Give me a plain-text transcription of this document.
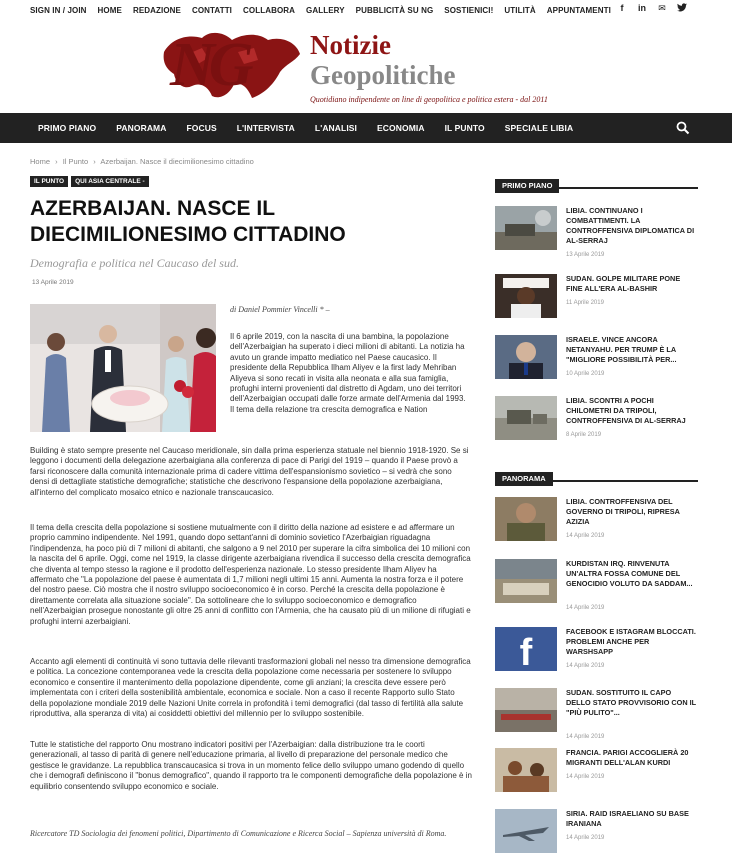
SIGN IN / JOIN HOME REDAZIONE CONTATTI COLLABORA GALLERY PUBBLICITÀ SU NG SOSTIENICI! UTILITÀ APPUNTAMENTI	f	in	✉
NG Notizie
Geopolitiche
Quotidiano indipendente on line di geopolitica e politica estera - dal 2011
PRIMO PIANO PANORAMA FOCUS L'INTERVISTA L'ANALISI ECONOMIA IL PUNTO SPECIALE LIBIA
Home › Il Punto › Azerbaijan. Nasce il diecimilionesimo cittadino
IL PUNTO	QUI ASIA CENTRALE -
AZERBAIJAN. NASCE IL DIECIMILIONESIMO CITTADINO
Demografia e politica nel Caucaso del sud.
13 Aprile 2019
di Daniel Pommier Vincelli * –
Il 6 aprile 2019, con la nascita di una bambina, la popolazione dell'Azerbaigian ha superato i dieci milioni di abitanti. La notizia ha avuto un grande impatto mediatico nel Paese caucasico. Il presidente della Repubblica Ilham Aliyev e la first lady Mehriban Aliyeva si sono recati in visita alla neonata e alla sua famiglia, profughi interni provenienti dal distretto di Agdam, uno dei territori dell'Azerbaigian occupati dalle forze armate dell'Armenia dal 1993.
Il tema della relazione tra crescita demografica e Nation
Building è stato sempre presente nel Caucaso meridionale, sin dalla prima esperienza statuale nel biennio 1918-1920. Se si leggono i documenti della delegazione azerbaigiana alla conferenza di pace di Parigi del 1919 – quando il Paese provò a farsi riconoscere dalla comunità internazionale prima di cadere vittima dell'espansionismo sovietico – si vedrà che sono densi di dettagliate statistiche demografiche; statistiche che descrivono l'espansione della popolazione azerbaigiana, all'interno del complicato mosaico etnico e nazionale transcaucasico.
Il tema della crescita della popolazione si sostiene mutualmente con il diritto della nazione ad esistere e ad affermare un proprio cammino indipendente. Nel 1991, quando dopo settant'anni di dominio sovietico l'Azerbaigian riguadagna l'indipendenza, ha poco più di 7 milioni di abitanti, che salgono a 9 nel 2010 per superare la cifra simbolica dei 10 milioni con la nascita del 6 aprile. Oggi, come nel 1919, la classe dirigente azerbaigiana rivendica il successo della crescita demografica che diventa al tempo stesso la ragione e il prodotto dell'esperienza nazionale. Lo stesso presidente Ilham Aliyev ha affermato che "La popolazione del paese è aumentata di 1,7 milioni negli ultimi 15 anni. Aumenta la nostra forza e il potere del nostro paese. Ciò mostra che il nostro sviluppo socioeconomico è in corso. Perché la crescita della popolazione è direttamente correlata alla situazione sociale". Da sottolineare che lo sviluppo socioeconomico e demografico nell'Azerbaigian prosegue nonostante gli oltre 25 anni di conflitto con l'Armenia, che ha causato più di un milione di rifugiati e profughi interni azerbaigiani.
Accanto agli elementi di continuità vi sono tuttavia delle rilevanti trasformazioni globali nel nesso tra dimensione demografica e politica. La concezione contemporanea vede la crescita della popolazione come necessaria per sostenere lo sviluppo economico e consentire il mantenimento della popolazione dipendente, come gli anziani; la crescita deve essere però implementata con i criteri della sostenibilità ambientale, economica e sociale. Non a caso il recente Rapporto sullo Stato della popolazione mondiale 2019 delle Nazioni Unite correla in profondità i temi demografici (dal tasso di fertilità alla salute riproduttiva, alla speranza di vita) ai cosiddetti obiettivi del millennio per lo sviluppo sostenibile.
Tutte le statistiche del rapporto Onu mostrano indicatori positivi per l'Azerbaigian: dalla distribuzione tra le coorti generazionali, al tasso di parità di genere nell'educazione primaria, al livello di preparazione del personale medico che gestisce le gravidanze. La repubblica transcaucasica si trova in un momento felice dello sviluppo umano godendo di quello che i demografi definiscono il "bonus demografico", quando il rapporto tra le componenti demografiche della popolazione è in equilibrio consentendo sviluppo economico e sociale.
Ricercatore TD Sociologia dei fenomeni politici, Dipartimento di Comunicazione e Ricerca Social – Sapienza università di Roma.
PRIMO PIANO
LIBIA. CONTINUANO I COMBATTIMENTI. LA CONTROFFENSIVA DIPLOMATICA DI AL-SERRAJ
13 Aprile 2019
SUDAN. GOLPE MILITARE PONE FINE ALL'ERA AL-BASHIR
11 Aprile 2019
ISRAELE. VINCE ANCORA NETANYAHU. PER TRUMP È LA "MIGLIORE POSSIBILITÀ PER...
10 Aprile 2019
LIBIA. SCONTRI A POCHI CHILOMETRI DA TRIPOLI, CONTROFFENSIVA DI AL-SERRAJ
8 Aprile 2019
PANORAMA
LIBIA. CONTROFFENSIVA DEL GOVERNO DI TRIPOLI, RIPRESA AZIZIA
14 Aprile 2019
KURDISTAN IRQ. RINVENUTA UN'ALTRA FOSSA COMUNE DEL GENOCIDIO VOLUTO DA SADDAM...
14 Aprile 2019
f
FACEBOOK E ISTAGRAM BLOCCATI. PROBLEMI ANCHE PER WARSHSAPP
14 Aprile 2019
SUDAN. SOSTITUITO IL CAPO DELLO STATO PROVVISORIO CON IL "PIÙ PULITO"...
14 Aprile 2019
FRANCIA. PARIGI ACCOGLIERÀ 20 MIGRANTI DELL'ALAN KURDI
14 Aprile 2019
SIRIA. RAID ISRAELIANO SU BASE IRANIANA
14 Aprile 2019
